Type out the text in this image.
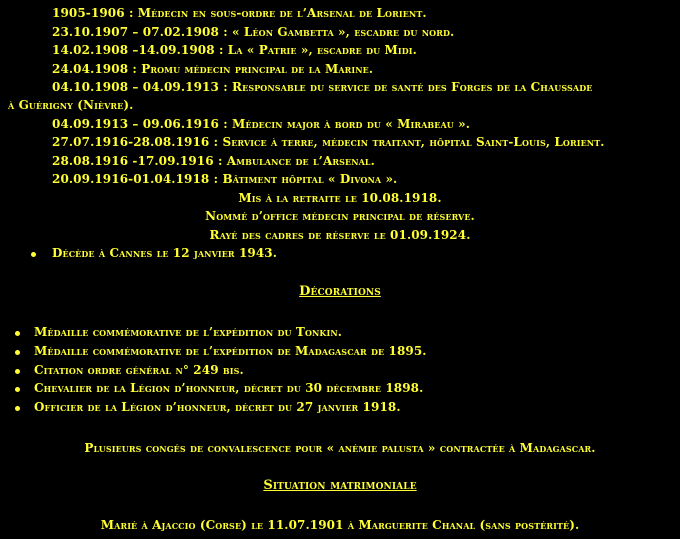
1905-1906 : Médecin en sous-ordre de l’Arsenal de Lorient.
23.10.1907 – 07.02.1908 : « Léon Gambetta », escadre du nord.
14.02.1908 –14.09.1908 : La « Patrie », escadre du Midi.
24.04.1908 : Promu médecin principal de la Marine.
04.10.1908 – 04.09.1913 : Responsable du service de santé des Forges de la Chaussade
à Guérigny (Nièvre).
04.09.1913 – 09.06.1916 : Médecin major à bord du « Mirabeau ».
27.07.1916-28.08.1916 : Service à terre, médecin traitant, hôpital Saint-Louis, Lorient.
28.08.1916 -17.09.1916 : Ambulance de l’Arsenal.
20.09.1916-01.04.1918 : Bâtiment hôpital « Divona ».
Mis à la retraite le 10.08.1918.
Nommé d’office médecin principal de réserve.
Rayé des cadres de réserve le 01.09.1924.
Décède à Cannes le 12 janvier 1943.
Décorations
Médaille commémorative de l’expédition du Tonkin.
Médaille commémorative de l’expédition de Madagascar de 1895.
Citation ordre général n° 249 bis.
Chevalier de la Légion d’honneur, décret du 30 décembre 1898.
Officier de la Légion d’honneur, décret du 27 janvier 1918.
Plusieurs congés de convalescence pour « anémie palusta » contractée à Madagascar.
Situation matrimoniale
Marié à Ajaccio (Corse) le 11.07.1901 à Marguerite Chanal (sans postérité).
